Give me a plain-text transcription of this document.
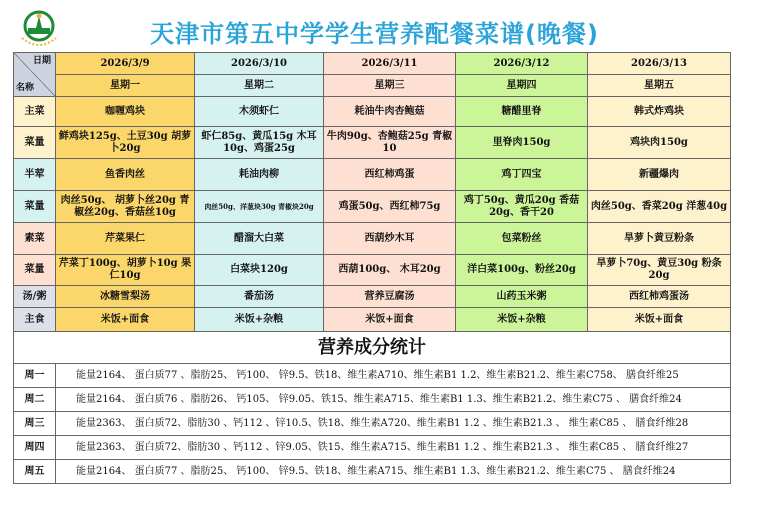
天津市第五中学学生营养配餐菜谱(晚餐)
日期
名称	2026/3/9	2026/3/10	2026/3/11	2026/3/12	2026/3/13
	星期一	星期二	星期三	星期四	星期五
主菜	咖喱鸡块	木须虾仁	耗油牛肉杏鲍菇	糖醋里脊	韩式炸鸡块
菜量	鲜鸡块125g、土豆30g 胡萝卜20g	虾仁85g、黄瓜15g 木耳10g、鸡蛋25g	牛肉90g、杏鲍菇25g 青椒10	里脊肉150g	鸡块肉150g
半荤	鱼香肉丝	耗油肉柳	西红柿鸡蛋	鸡丁四宝	新疆爆肉
菜量	肉丝50g、 胡萝卜丝20g 青椒丝20g、香菇丝10g	肉丝50g、洋葱块30g 青椒块20g	鸡蛋50g、西红柿75g	鸡丁50g、黄瓜20g 香菇20g、香干20	肉丝50g、香菜20g 洋葱40g
素菜	芹菜果仁	醋溜大白菜	西葫炒木耳	包菜粉丝	旱萝卜黄豆粉条
菜量	芹菜丁100g、胡萝卜10g 果仁10g	白菜块120g	西葫100g、 木耳20g	洋白菜100g、粉丝20g	旱萝卜70g、黄豆30g 粉条20g
汤/粥	冰糖雪梨汤	番茄汤	营养豆腐汤	山药玉米粥	西红柿鸡蛋汤
主食	米饭+面食	米饭+杂粮	米饭+面食	米饭+杂粮	米饭+面食
营养成分统计					
周一	能量2164、 蛋白质77 、脂肪25、 钙100、 锌9.5、铁18、维生素A710、维生素B1 1.2、维生素B21.2、维生素C758、 膳食纤维25				
周二	能量2164、 蛋白质76 、脂肪26、 钙105、 锌9.05、铁15、维生素A715、维生素B1 1.3、维生素B21.2、维生素C75 、 膳食纤维24				
周三	能量2363、 蛋白质72、脂肪30 、钙112 、锌10.5、铁18、维生素A720、维生素B1 1.2 、维生素B21.3 、 维生素C85 、 膳食纤维28				
周四	能量2363、 蛋白质72、脂肪30 、钙112 、锌9.05、铁15、维生素A715、维生素B1 1.2 、维生素B21.3 、 维生素C85 、 膳食纤维27				
周五	能量2164、 蛋白质77 、脂肪25、 钙100、 锌9.5、铁18、维生素A715、维生素B1 1.3、维生素B21.2、维生素C75 、 膳食纤维24				
